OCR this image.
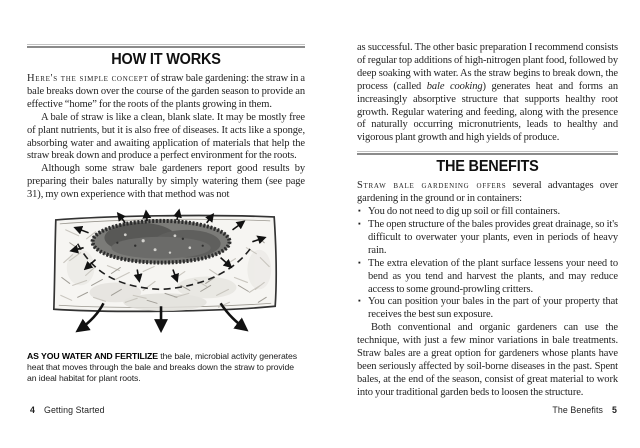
HOW IT WORKS

Here's the simple concept of straw bale gardening: the straw in a bale breaks down over the course of the garden season to provide an effective “home” for the roots of the plants growing in them.

A bale of straw is like a clean, blank slate. It may be mostly free of plant nutrients, but it is also free of diseases. It acts like a sponge, absorbing water and awaiting application of materials that help the straw break down and produce a perfect environment for the roots.

Although some straw bale gardeners report good results by preparing their bales naturally by simply watering them (see page 31), my own experience with that method was not

AS YOU WATER AND FERTILIZE the bale, microbial activity generates heat that moves through the bale and breaks down the straw to provide an ideal habitat for plant roots.

4 Getting Started

as successful. The other basic preparation I recommend consists of regular top additions of high-nitrogen plant food, followed by deep soaking with water. As the straw begins to break down, the process (called bale cooking) generates heat and forms an increasingly absorptive structure that supports healthy root growth. Regular watering and feeding, along with the presence of naturally occurring micronutrients, leads to healthy and vigorous plant growth and high yields of produce.

THE BENEFITS

Straw bale gardening offers several advantages over gardening in the ground or in containers:

▪ You do not need to dig up soil or fill containers.
▪ The open structure of the bales provides great drainage, so it's difficult to overwater your plants, even in periods of heavy rain.
▪ The extra elevation of the plant surface lessens your need to bend as you tend and harvest the plants, and may reduce access to some ground-prowling critters.
▪ You can position your bales in the part of your property that receives the best sun exposure.

Both conventional and organic gardeners can use the technique, with just a few minor variations in bale treatments. Straw bales are a great option for gardeners whose plants have been seriously affected by soil-borne diseases in the past. Spent bales, at the end of the season, consist of great material to work into your traditional garden beds to loosen the structure.

The Benefits 5
